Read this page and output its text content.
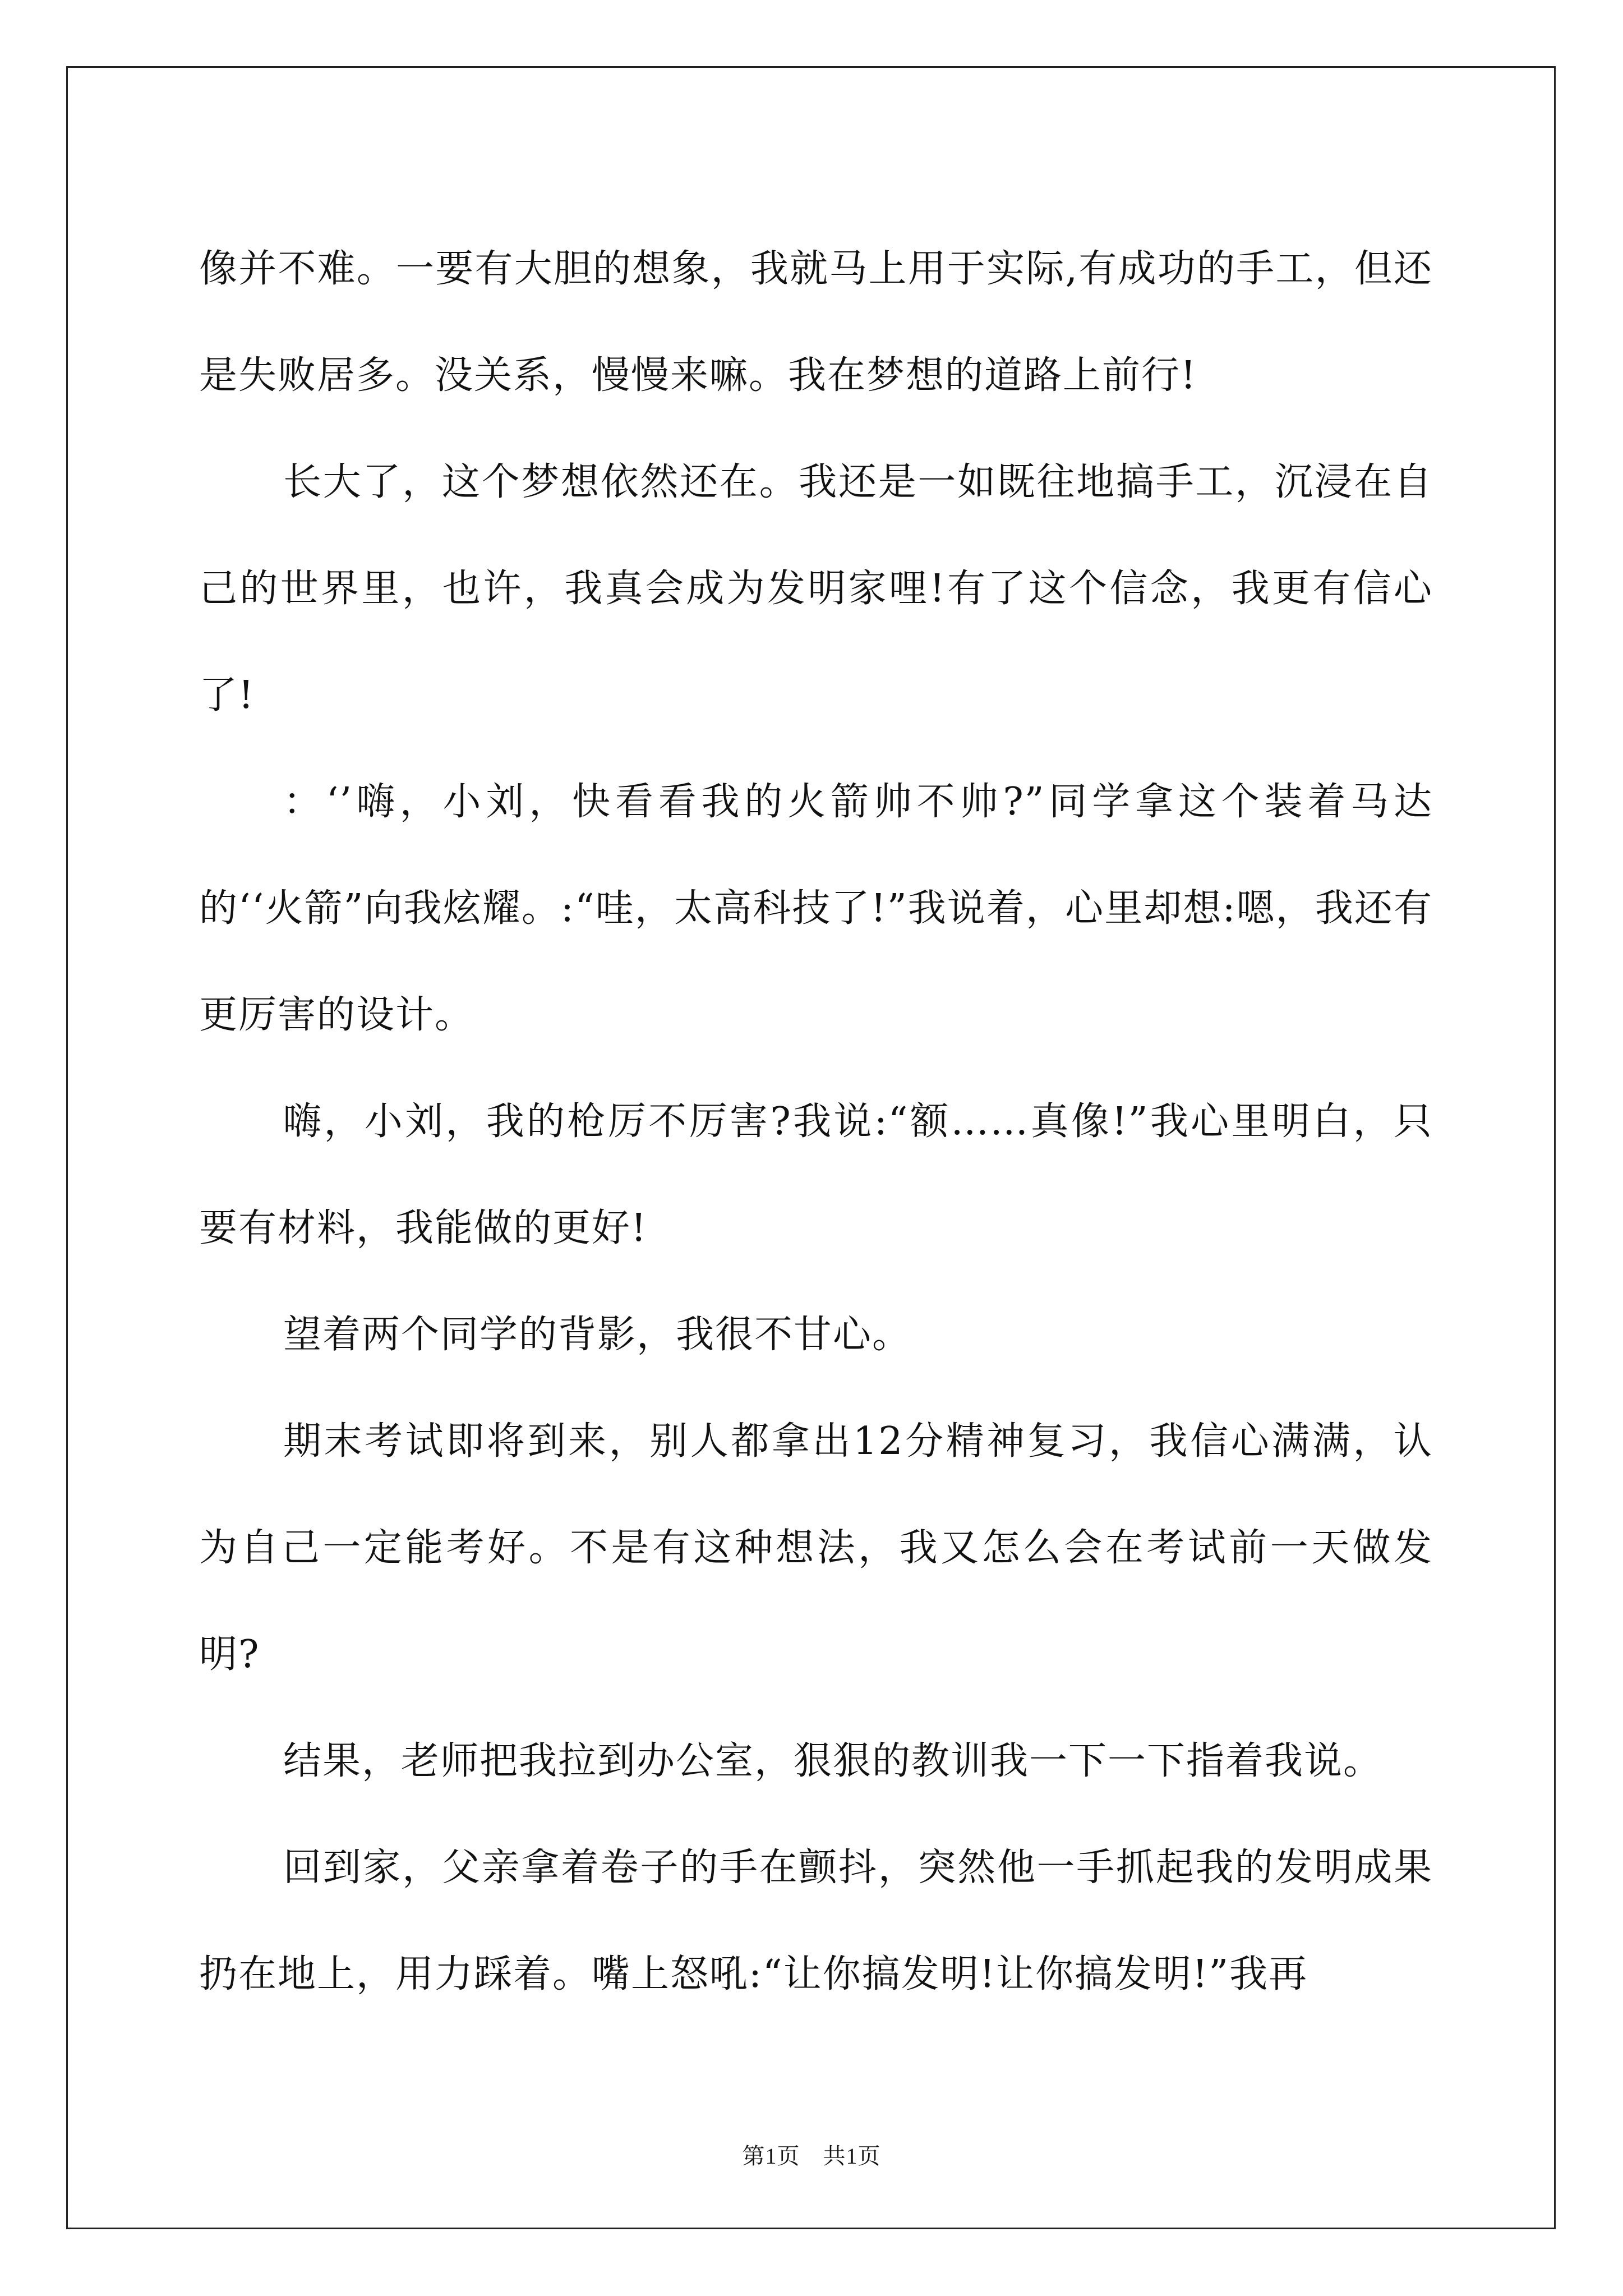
像并不难。一要有大胆的想象，我就马上用于实际,有成功的手工，但还是失败居多。没关系，慢慢来嘛。我在梦想的道路上前行!

长大了，这个梦想依然还在。我还是一如既往地搞手工，沉浸在自己的世界里，也许，我真会成为发明家哩!有了这个信念，我更有信心了!

：‘’嗨，小刘，快看看我的火箭帅不帅?”同学拿这个装着马达的‘‘火箭”向我炫耀。:“哇，太高科技了!”我说着，心里却想:嗯，我还有更厉害的设计。

嗨，小刘，我的枪厉不厉害?我说:“额……真像!”我心里明白，只要有材料，我能做的更好!

望着两个同学的背影，我很不甘心。

期末考试即将到来，别人都拿出12分精神复习，我信心满满，认为自己一定能考好。不是有这种想法，我又怎么会在考试前一天做发明?

结果，老师把我拉到办公室，狠狠的教训我一下一下指着我说。

回到家，父亲拿着卷子的手在颤抖，突然他一手抓起我的发明成果扔在地上，用力踩着。嘴上怒吼:“让你搞发明!让你搞发明!”我再

第1页　共1页
